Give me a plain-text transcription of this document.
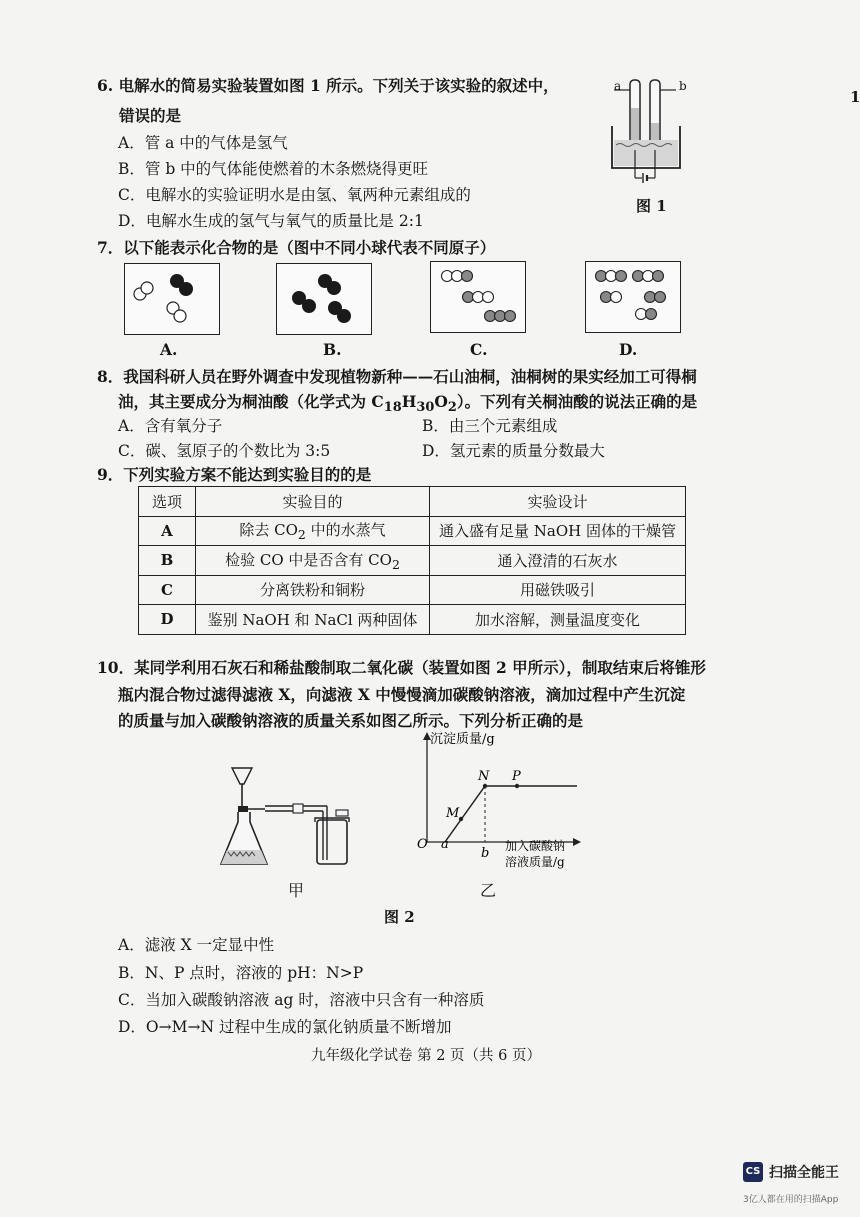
6. 电解水的简易实验装置如图 1 所示。下列关于该实验的叙述中，
错误的是
A．管 a 中的气体是氢气
B．管 b 中的气体能使燃着的木条燃烧得更旺
C．电解水的实验证明水是由氢、氧两种元素组成的
D．电解水生成的氢气与氧气的质量比是 2:1
a	b
图 1
7．以下能表示化合物的是（图中不同小球代表不同原子）
A.	B.	C.	D.
8．我国科研人员在野外调查中发现植物新种——石山油桐，油桐树的果实经加工可得桐
油，其主要成分为桐油酸（化学式为 $C_{18}H_{30}O_2$）。下列有关桐油酸的说法正确的是
A．含有氧分子	B．由三个元素组成
C．碳、氢原子的个数比为 3:5	D．氢元素的质量分数最大
9．下列实验方案不能达到实验目的的是
选项	实验目的	实验设计
A	除去 $CO_2$ 中的水蒸气	通入盛有足量 NaOH 固体的干燥管
B	检验 CO 中是否含有 $CO_2$	通入澄清的石灰水
C	分离铁粉和铜粉	用磁铁吸引
D	鉴别 NaOH 和 NaCl 两种固体	加水溶解，测量温度变化
10．某同学利用石灰石和稀盐酸制取二氧化碳（装置如图 2 甲所示），制取结束后将锥形
瓶内混合物过滤得滤液 X，向滤液 X 中慢慢滴加碳酸钠溶液，滴加过程中产生沉淀
的质量与加入碳酸钠溶液的质量关系如图乙所示。下列分析正确的是
甲
沉淀质量/g
O a
b
M
N P
加入碳酸钠
溶液质量/g
乙
图 2
A．滤液 X 一定显中性
B．N、P 点时，溶液的 pH：N>P
C．当加入碳酸钠溶液 ag 时，溶液中只含有一种溶质
D．O→M→N 过程中生成的氯化钠质量不断增加
九年级化学试卷 第 2 页（共 6 页）
CS 扫描全能王
3亿人都在用的扫描App
1
